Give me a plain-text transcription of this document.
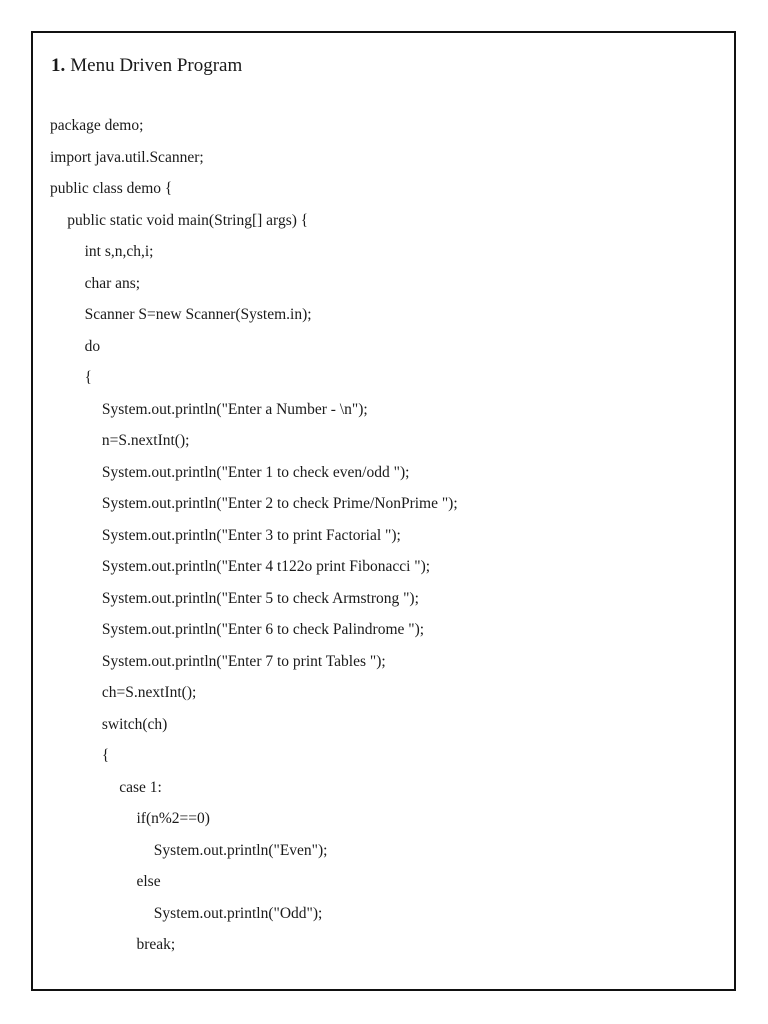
1. Menu Driven Program
package demo;
import java.util.Scanner;
public class demo {
public static void main(String[] args) {
int s,n,ch,i;
char ans;
Scanner S=new Scanner(System.in);
do
{
System.out.println("Enter a Number - \n");
n=S.nextInt();
System.out.println("Enter 1 to check even/odd ");
System.out.println("Enter 2 to check Prime/NonPrime ");
System.out.println("Enter 3 to print Factorial ");
System.out.println("Enter 4 t122o print Fibonacci ");
System.out.println("Enter 5 to check Armstrong ");
System.out.println("Enter 6 to check Palindrome ");
System.out.println("Enter 7 to print Tables ");
ch=S.nextInt();
switch(ch)
{
case 1:
if(n%2==0)
System.out.println("Even");
else
System.out.println("Odd");
break;
